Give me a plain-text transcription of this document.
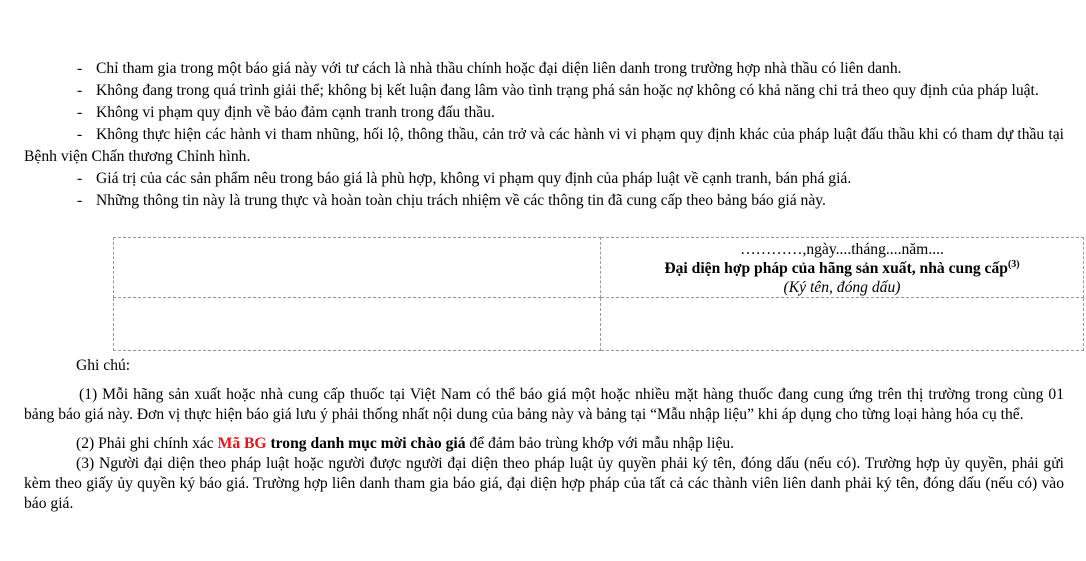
- Chỉ tham gia trong một báo giá này với tư cách là nhà thầu chính hoặc đại diện liên danh trong trường hợp nhà thầu có liên danh.

- Không đang trong quá trình giải thể; không bị kết luận đang lâm vào tình trạng phá sản hoặc nợ không có khả năng chi trả theo quy định của pháp luật.

- Không vi phạm quy định về bảo đảm cạnh tranh trong đấu thầu.

- Không thực hiện các hành vi tham nhũng, hối lộ, thông thầu, cản trở và các hành vi vi phạm quy định khác của pháp luật đấu thầu khi có tham dự thầu tại Bệnh viện Chấn thương Chỉnh hình.

- Giá trị của các sản phẩm nêu trong báo giá là phù hợp, không vi phạm quy định của pháp luật về cạnh tranh, bán phá giá.

- Những thông tin này là trung thực và hoàn toàn chịu trách nhiệm về các thông tin đã cung cấp theo bảng báo giá này.

	…………,ngày....tháng....năm....
Đại diện hợp pháp của hãng sản xuất, nhà cung cấp$^{(3)}$
(Ký tên, đóng dấu)

Ghi chú:

(1) Mỗi hãng sản xuất hoặc nhà cung cấp thuốc tại Việt Nam có thể báo giá một hoặc nhiều mặt hàng thuốc đang cung ứng trên thị trường trong cùng 01 bảng báo giá này. Đơn vị thực hiện báo giá lưu ý phải thống nhất nội dung của bảng này và bảng tại “Mẫu nhập liệu” khi áp dụng cho từng loại hàng hóa cụ thể.

(2) Phải ghi chính xác Mã BG trong danh mục mời chào giá để đảm bảo trùng khớp với mẫu nhập liệu.

(3) Người đại diện theo pháp luật hoặc người được người đại diện theo pháp luật ủy quyền phải ký tên, đóng dấu (nếu có). Trường hợp ủy quyền, phải gửi kèm theo giấy ủy quyền ký báo giá. Trường hợp liên danh tham gia báo giá, đại diện hợp pháp của tất cả các thành viên liên danh phải ký tên, đóng dấu (nếu có) vào báo giá.
